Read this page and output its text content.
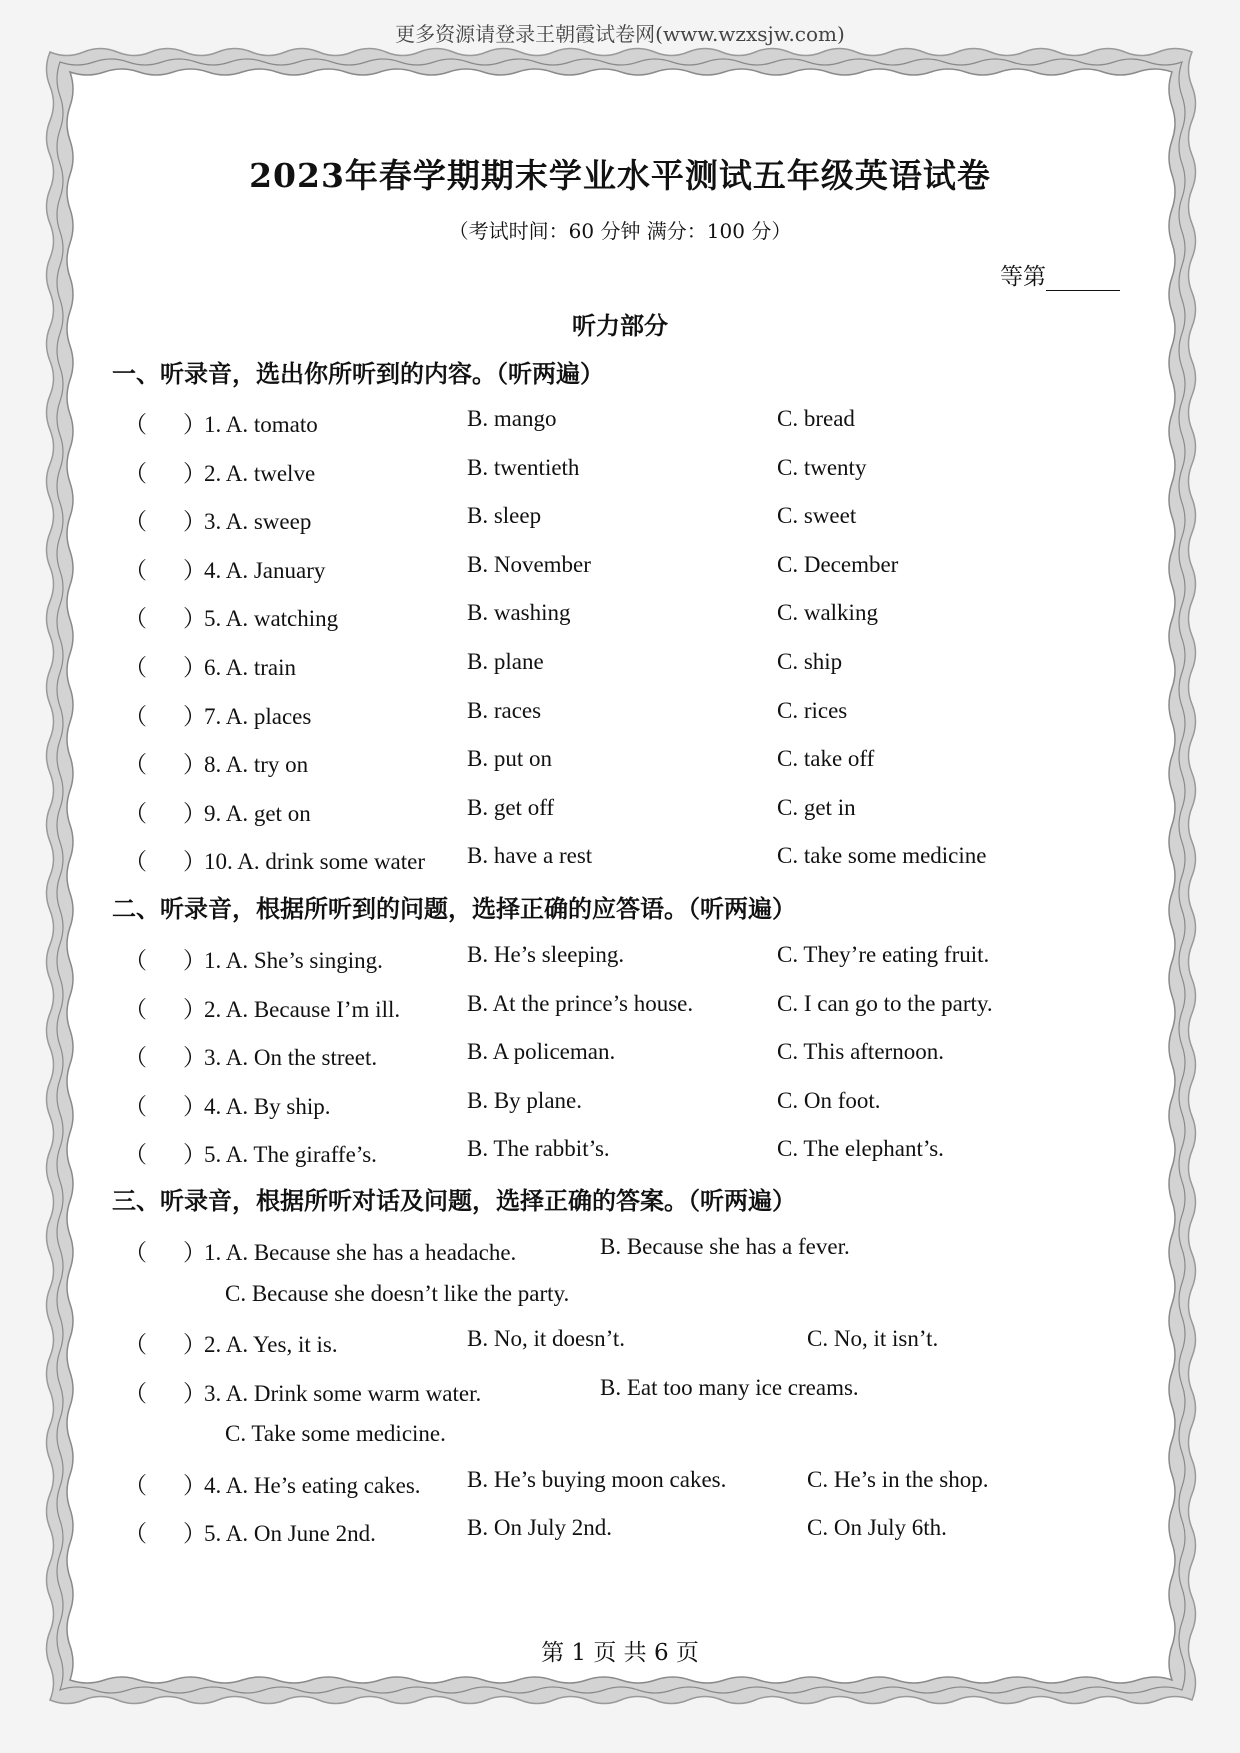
更多资源请登录王朝霞试卷网(www.wzxsjw.com)
2023年春学期期末学业水平测试五年级英语试卷
（考试时间：60 分钟 满分：100 分）
等第
听力部分
一、听录音，选出你所听到的内容。（听两遍）
（ ）1. A. tomato	B. mango	C. bread
（ ）2. A. twelve	B. twentieth	C. twenty
（ ）3. A. sweep	B. sleep	C. sweet
（ ）4. A. January	B. November	C. December
（ ）5. A. watching	B. washing	C. walking
（ ）6. A. train	B. plane	C. ship
（ ）7. A. places	B. races	C. rices
（ ）8. A. try on	B. put on	C. take off
（ ）9. A. get on	B. get off	C. get in
（ ）10. A. drink some water B. have a rest	C. take some medicine
二、听录音，根据所听到的问题，选择正确的应答语。（听两遍）
（ ）1. A. She’s singing.	B. He’s sleeping.	C. They’re eating fruit.
（ ）2. A. Because I’m ill.	B. At the prince’s house.	C. I can go to the party.
（ ）3. A. On the street.	B. A policeman.	C. This afternoon.
（ ）4. A. By ship.	B. By plane.	C. On foot.
（ ）5. A. The giraffe’s.	B. The rabbit’s.	C. The elephant’s.
三、听录音，根据所听对话及问题，选择正确的答案。（听两遍）
（ ）1. A. Because she has a headache.	B. Because she has a fever.
C. Because she doesn’t like the party.
（ ）2. A. Yes, it is.	B. No, it doesn’t.	C. No, it isn’t.
（ ）3. A. Drink some warm water.	B. Eat too many ice creams.
C. Take some medicine.
（ ）4. A. He’s eating cakes. B. He’s buying moon cakes.	C. He’s in the shop.
（ ）5. A. On June 2nd.	B. On July 2nd.	C. On July 6th.
第 1 页 共 6 页
